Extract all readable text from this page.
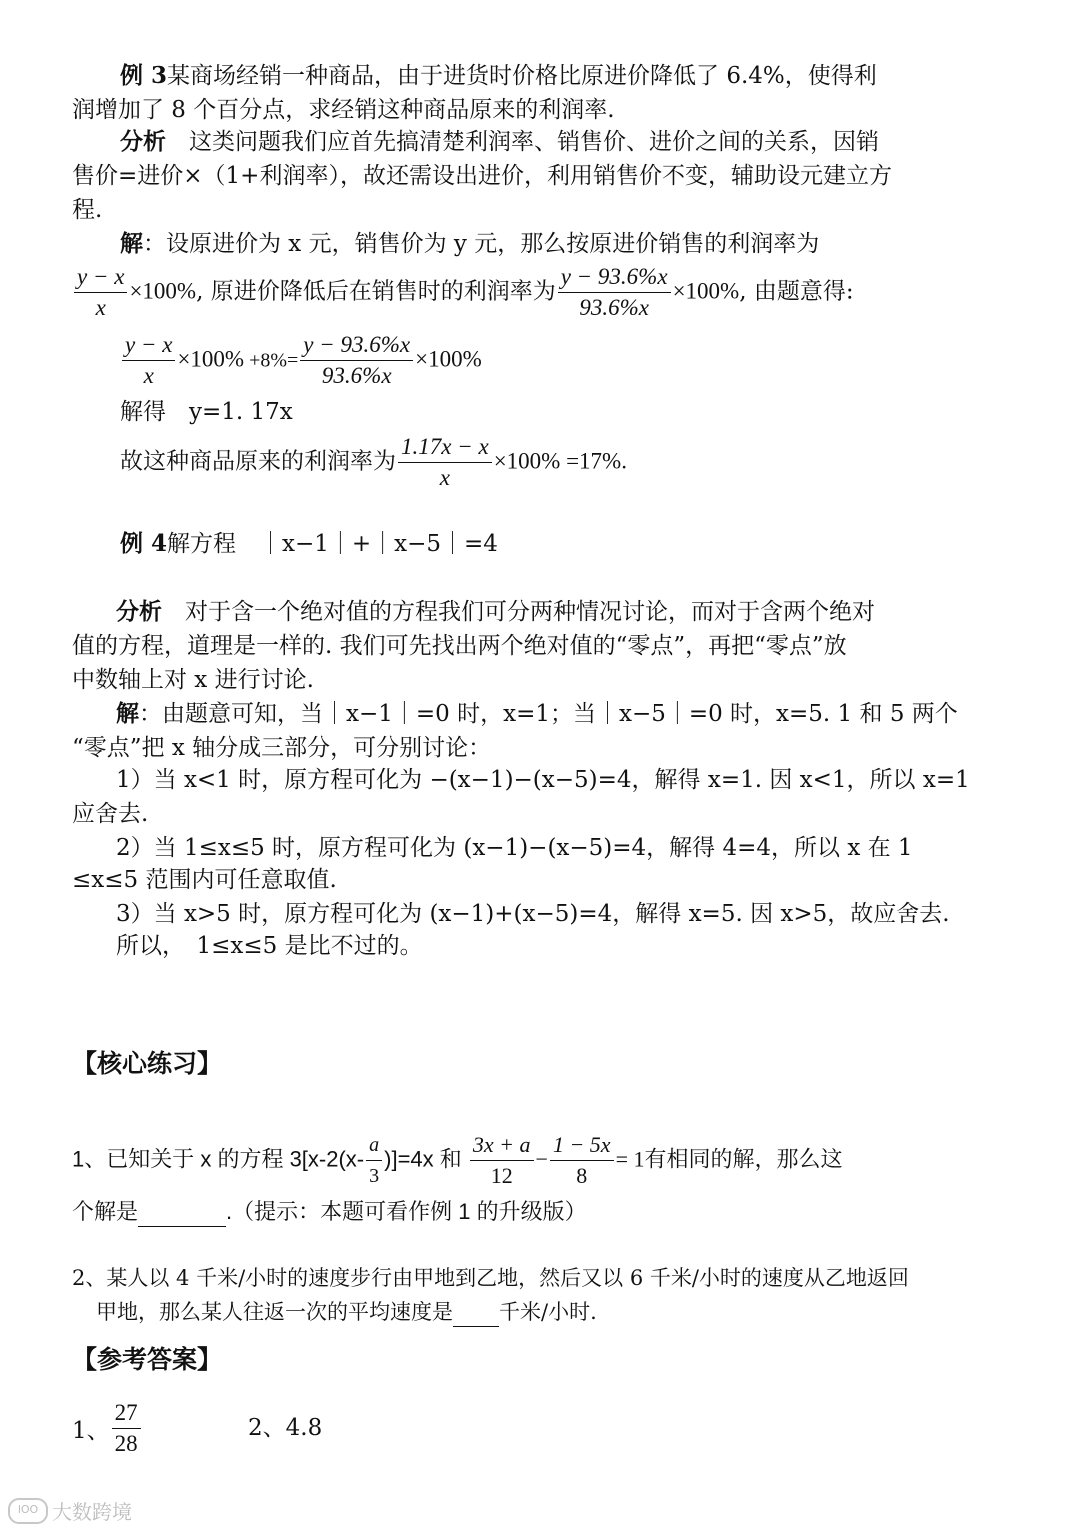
例 3某商场经销一种商品，由于进货时价格比原进价降低了 6.4%，使得利
润增加了 8 个百分点，求经销这种商品原来的利润率.
分析　 这类问题我们应首先搞清楚利润率、销售价、进价之间的关系，因销
售价=进价×（1+利润率），故还需设出进价，利用销售价不变，辅助设元建立方
程.
解：设原进价为 x 元，销售价为 y 元，那么按原进价销售的利润率为
$\frac{y - x}{x} \times 100\%$, 原进价降低后在销售时的利润率为 $\frac{y - 93.6\%x}{93.6\%x} \times 100\%$, 由题意得:
$\frac{y - x}{x} \times 100\% +8\%= \frac{y - 93.6\%x}{93.6\%x} \times 100\%$
解得　 y=1. 17x
故这种商品原来的利润率为 $\frac{1.17x - x}{x} \times 100\% =17\%$.
例 4解方程　｜x−1｜+｜x−5｜=4
分析　 对于含一个绝对值的方程我们可分两种情况讨论，而对于含两个绝对
值的方程，道理是一样的. 我们可先找出两个绝对值的“零点”，再把“零点”放
中数轴上对 x 进行讨论.
解：由题意可知，当｜x−1｜=0 时，x=1；当｜x−5｜=0 时，x=5. 1 和 5 两个
“零点”把 x 轴分成三部分，可分别讨论：
1）当 x<1 时，原方程可化为 −(x−1)−(x−5)=4，解得 x=1. 因 x<1，所以 x=1
应舍去.
2）当 1≤x≤5 时，原方程可化为 (x−1)−(x−5)=4，解得 4=4，所以 x 在 1
≤x≤5 范围内可任意取值.
3）当 x>5 时，原方程可化为 (x−1)+(x−5)=4，解得 x=5. 因 x>5，故应舍去.
所以，　1≤x≤5 是比不过的。
【核心练习】
1、已知关于 x 的方程 $3[x-2(x- \frac{a}{3} )]=4x$ 和 $\frac{3x + a}{12} - \frac{1 - 5x}{8} = 1$有相同的解，那么这
个解是	.（提示：本题可看作例 1 的升级版）
2、某人以 4 千米/小时的速度步行由甲地到乙地，然后又以 6 千米/小时的速度从乙地返回
甲地，那么某人往返一次的平均速度是 千米/小时.
【参考答案】
1、 $\frac{27}{28}$	2、4.8
lOO 大数跨境
